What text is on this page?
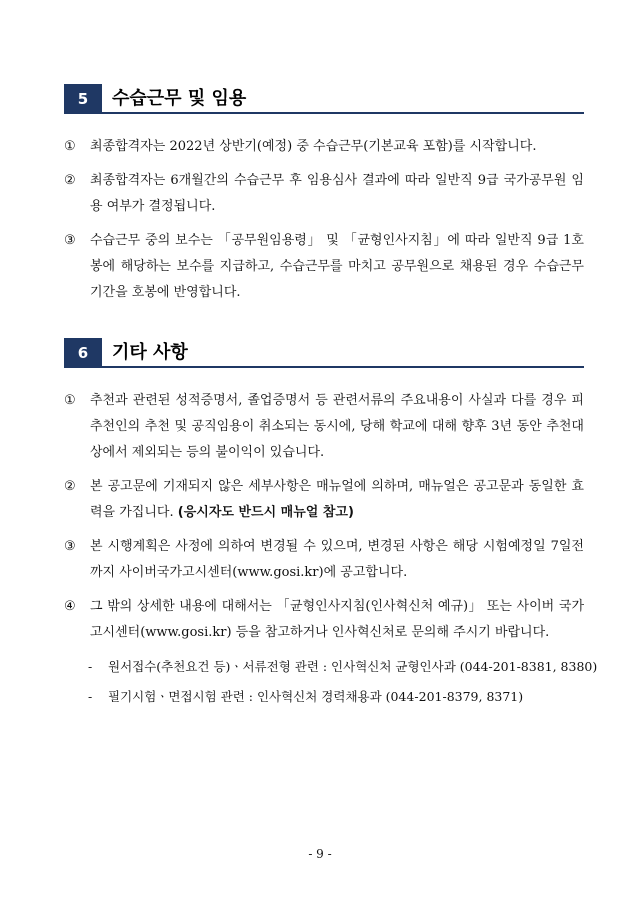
5	수습근무 및 임용
①	최종합격자는 2022년 상반기(예정) 중 수습근무(기본교육 포함)를 시작합니다.
②	최종합격자는 6개월간의 수습근무 후 임용심사 결과에 따라 일반직 9급 국가공무원 임용 여부가 결정됩니다.
③	수습근무 중의 보수는 「공무원임용령」 및 「균형인사지침」에 따라 일반직 9급 1호봉에 해당하는 보수를 지급하고, 수습근무를 마치고 공무원으로 채용된 경우 수습근무 기간을 호봉에 반영합니다.
6	기타 사항
①	추천과 관련된 성적증명서, 졸업증명서 등 관련서류의 주요내용이 사실과 다를 경우 피추천인의 추천 및 공직임용이 취소되는 동시에, 당해 학교에 대해 향후 3년 동안 추천대상에서 제외되는 등의 불이익이 있습니다.
②	본 공고문에 기재되지 않은 세부사항은 매뉴얼에 의하며, 매뉴얼은 공고문과 동일한 효력을 가집니다. (응시자도 반드시 매뉴얼 참고)
③	본 시행계획은 사정에 의하여 변경될 수 있으며, 변경된 사항은 해당 시험예정일 7일전까지 사이버국가고시센터(www.gosi.kr)에 공고합니다.
④	그 밖의 상세한 내용에 대해서는 「균형인사지침(인사혁신처 예규)」 또는 사이버 국가고시센터(www.gosi.kr) 등을 참고하거나 인사혁신처로 문의해 주시기 바랍니다.
- 원서접수(추천요건 등)ㆍ서류전형 관련 : 인사혁신처 균형인사과 (044-201-8381, 8380)
- 필기시험ㆍ면접시험 관련 : 인사혁신처 경력채용과 (044-201-8379, 8371)
- 9 -
